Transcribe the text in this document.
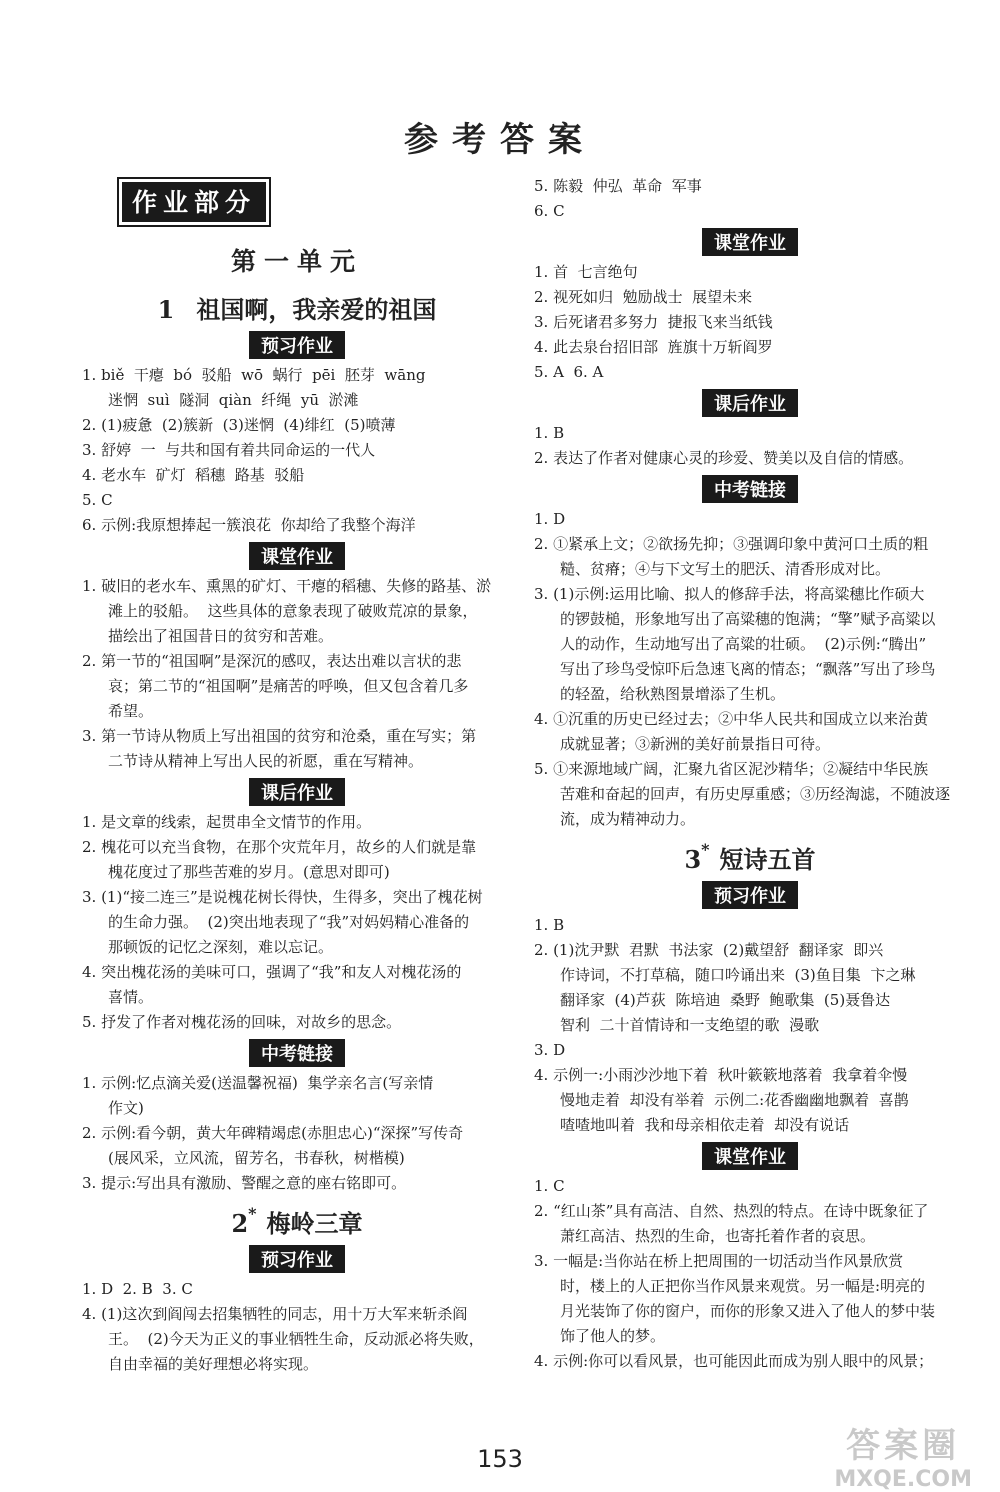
参考答案
作业部分
第一单元
1 祖国啊，我亲爱的祖国
预习作业
1. biě  干瘪  bó  驳船  wō  蜗行  pēi  胚芽  wāng
迷惘  suì  隧洞  qiàn  纤绳  yū  淤滩
2. (1)疲惫  (2)簇新  (3)迷惘  (4)绯红  (5)喷薄
3. 舒婷  一  与共和国有着共同命运的一代人
4. 老水车  矿灯  稻穗  路基  驳船
5. C
6. 示例:我原想捧起一簇浪花  你却给了我整个海洋
课堂作业
1. 破旧的老水车、熏黑的矿灯、干瘪的稻穗、失修的路基、淤
滩上的驳船。  这些具体的意象表现了破败荒凉的景象，
描绘出了祖国昔日的贫穷和苦难。
2. 第一节的“祖国啊”是深沉的感叹，表达出难以言状的悲
哀；第二节的“祖国啊”是痛苦的呼唤，但又包含着几多
希望。
3. 第一节诗从物质上写出祖国的贫穷和沧桑，重在写实；第
二节诗从精神上写出人民的祈愿，重在写精神。
课后作业
1. 是文章的线索，起贯串全文情节的作用。
2. 槐花可以充当食物，在那个灾荒年月，故乡的人们就是靠
槐花度过了那些苦难的岁月。(意思对即可)
3. (1)“接二连三”是说槐花树长得快，生得多，突出了槐花树
的生命力强。  (2)突出地表现了“我”对妈妈精心准备的
那顿饭的记忆之深刻，难以忘记。
4. 突出槐花汤的美味可口，强调了“我”和友人对槐花汤的
喜情。
5. 抒发了作者对槐花汤的回味，对故乡的思念。
中考链接
1. 示例:忆点滴关爱(送温馨祝福)  集学亲名言(写亲情
作文)
2. 示例:看今朝，黄大年碑精竭虑(赤胆忠心)“深探”写传奇
(展风采，立风流，留芳名，书春秋，树楷模)
3. 提示:写出具有激励、警醒之意的座右铭即可。
2* 梅岭三章
预习作业
1. D  2. B  3. C
4. (1)这次到阎闯去招集牺牲的同志，用十万大军来斩杀阎
王。  (2)今天为正义的事业牺牲生命，反动派必将失败，
自由幸福的美好理想必将实现。
5. 陈毅  仲弘  革命  军事
6. C
课堂作业
1. 首  七言绝句
2. 视死如归  勉励战士  展望未来
3. 后死诸君多努力  捷报飞来当纸钱
4. 此去泉台招旧部  旌旗十万斩阎罗
5. A  6. A
课后作业
1. B
2. 表达了作者对健康心灵的珍爱、赞美以及自信的情感。
中考链接
1. D
2. ①紧承上文；②欲扬先抑；③强调印象中黄河口土质的粗
糙、贫瘠；④与下文写土的肥沃、清香形成对比。
3. (1)示例:运用比喻、拟人的修辞手法，将高粱穗比作硕大
的锣鼓槌，形象地写出了高粱穗的饱满；“擎”赋予高粱以
人的动作，生动地写出了高粱的壮硕。  (2)示例:“腾出”
写出了珍鸟受惊吓后急速飞离的情态；“飘落”写出了珍鸟
的轻盈，给秋熟图景增添了生机。
4. ①沉重的历史已经过去；②中华人民共和国成立以来治黄
成就显著；③新洲的美好前景指日可待。
5. ①来源地域广阔，汇聚九省区泥沙精华；②凝结中华民族
苦难和奋起的回声，有历史厚重感；③历经淘滤，不随波逐
流，成为精神动力。
3* 短诗五首
预习作业
1. B
2. (1)沈尹默  君默  书法家  (2)戴望舒  翻译家  即兴
作诗词，不打草稿，随口吟诵出来  (3)鱼目集  卞之琳
翻译家  (4)芦荻  陈培迪  桑野  鲍歌集  (5)聂鲁达
智利  二十首情诗和一支绝望的歌  漫歌
3. D
4. 示例一:小雨沙沙地下着  秋叶簌簌地落着  我拿着伞慢
慢地走着  却没有举着  示例二:花香幽幽地飘着  喜鹊
喳喳地叫着  我和母亲相依走着  却没有说话
课堂作业
1. C
2. “红山茶”具有高洁、自然、热烈的特点。在诗中既象征了
萧红高洁、热烈的生命，也寄托着作者的哀思。
3. 一幅是:当你站在桥上把周围的一切活动当作风景欣赏
时，楼上的人正把你当作风景来观赏。另一幅是:明亮的
月光装饰了你的窗户，而你的形象又进入了他人的梦中装
饰了他人的梦。
4. 示例:你可以看风景，也可能因此而成为别人眼中的风景；
153	答案圈
MXQE.COM
